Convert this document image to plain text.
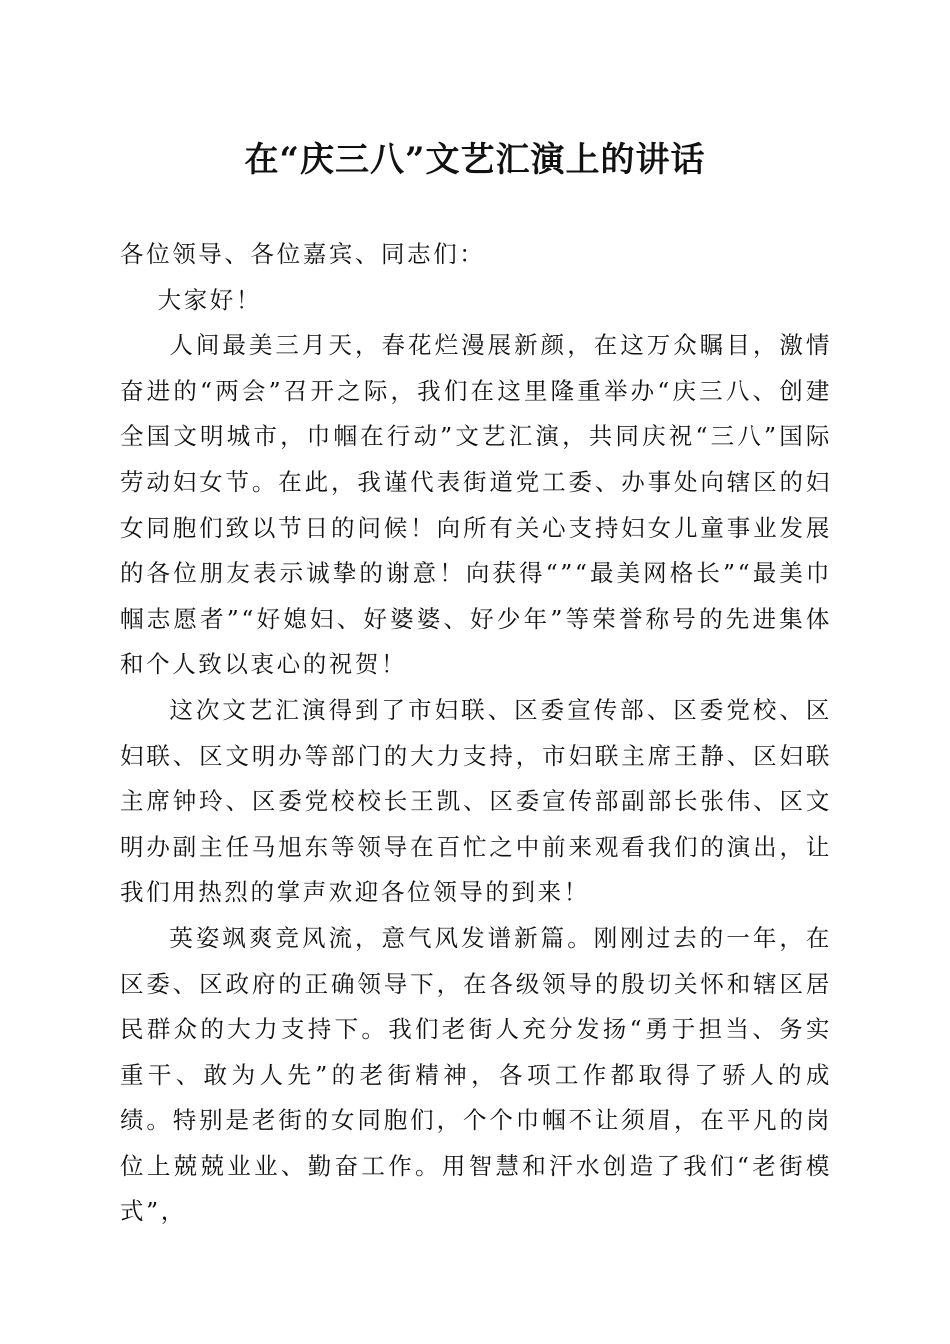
在“庆三八”文艺汇演上的讲话

各位领导、各位嘉宾、同志们：

大家好！

人间最美三月天，春花烂漫展新颜，在这万众瞩目，激情奋进的“两会”召开之际，我们在这里隆重举办“庆三八、创建全国文明城市，巾帼在行动”文艺汇演，共同庆祝“三八”国际劳动妇女节。在此，我谨代表街道党工委、办事处向辖区的妇女同胞们致以节日的问候！向所有关心支持妇女儿童事业发展的各位朋友表示诚挚的谢意！向获得“”“最美网格长”“最美巾帼志愿者”“好媳妇、好婆婆、好少年”等荣誉称号的先进集体和个人致以衷心的祝贺！

这次文艺汇演得到了市妇联、区委宣传部、区委党校、区妇联、区文明办等部门的大力支持，市妇联主席王静、区妇联主席钟玲、区委党校校长王凯、区委宣传部副部长张伟、区文明办副主任马旭东等领导在百忙之中前来观看我们的演出，让我们用热烈的掌声欢迎各位领导的到来！

英姿飒爽竞风流，意气风发谱新篇。刚刚过去的一年，在区委、区政府的正确领导下，在各级领导的殷切关怀和辖区居民群众的大力支持下。我们老街人充分发扬“勇于担当、务实重干、敢为人先”的老街精神，各项工作都取得了骄人的成绩。特别是老街的女同胞们，个个巾帼不让须眉，在平凡的岗位上兢兢业业、勤奋工作。用智慧和汗水创造了我们“老街模式”，
